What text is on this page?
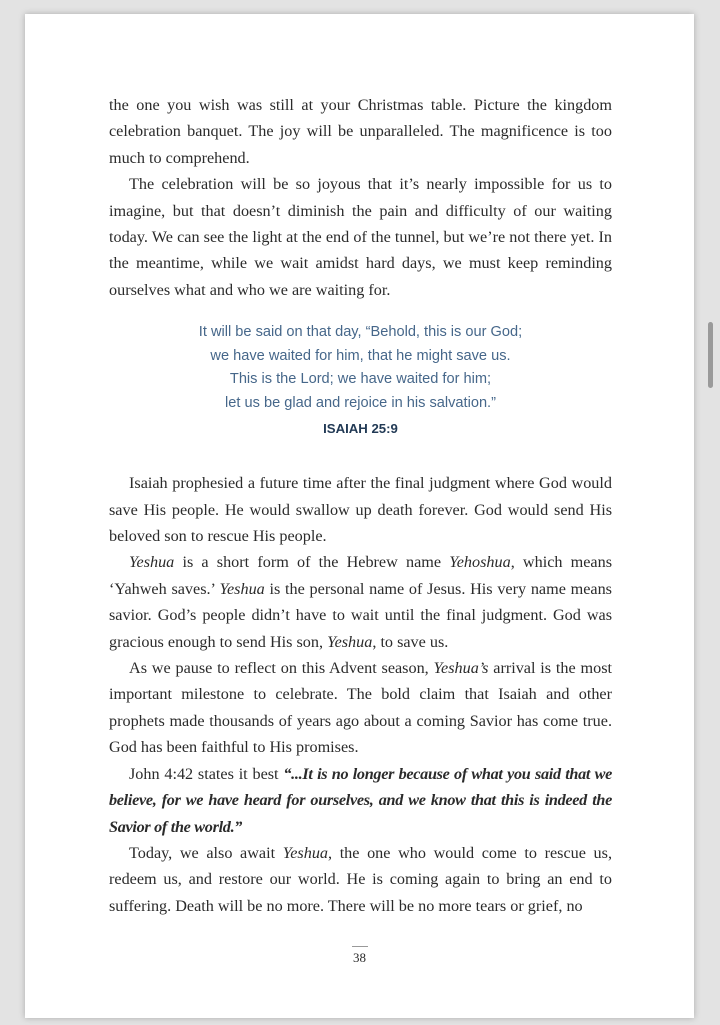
the one you wish was still at your Christmas table. Picture the kingdom celebration banquet. The joy will be unparalleled. The magnificence is too much to comprehend.

The celebration will be so joyous that it’s nearly impossible for us to imagine, but that doesn’t diminish the pain and difficulty of our waiting today. We can see the light at the end of the tunnel, but we’re not there yet. In the meantime, while we wait amidst hard days, we must keep reminding ourselves what and who we are waiting for.

It will be said on that day, “Behold, this is our God;
we have waited for him, that he might save us.
This is the Lord; we have waited for him;
let us be glad and rejoice in his salvation.”
ISAIAH 25:9

Isaiah prophesied a future time after the final judgment where God would save His people. He would swallow up death forever. God would send His beloved son to rescue His people.

Yeshua is a short form of the Hebrew name Yehoshua, which means ‘Yahweh saves.’ Yeshua is the personal name of Jesus. His very name means savior. God’s people didn’t have to wait until the final judgment. God was gracious enough to send His son, Yeshua, to save us.

As we pause to reflect on this Advent season, Yeshua’s arrival is the most important milestone to celebrate. The bold claim that Isaiah and other prophets made thousands of years ago about a coming Savior has come true. God has been faithful to His promises.

John 4:42 states it best “...It is no longer because of what you said that we believe, for we have heard for ourselves, and we know that this is indeed the Savior of the world.”

Today, we also await Yeshua, the one who would come to rescue us, redeem us, and restore our world. He is coming again to bring an end to suffering. Death will be no more. There will be no more tears or grief, no

38
